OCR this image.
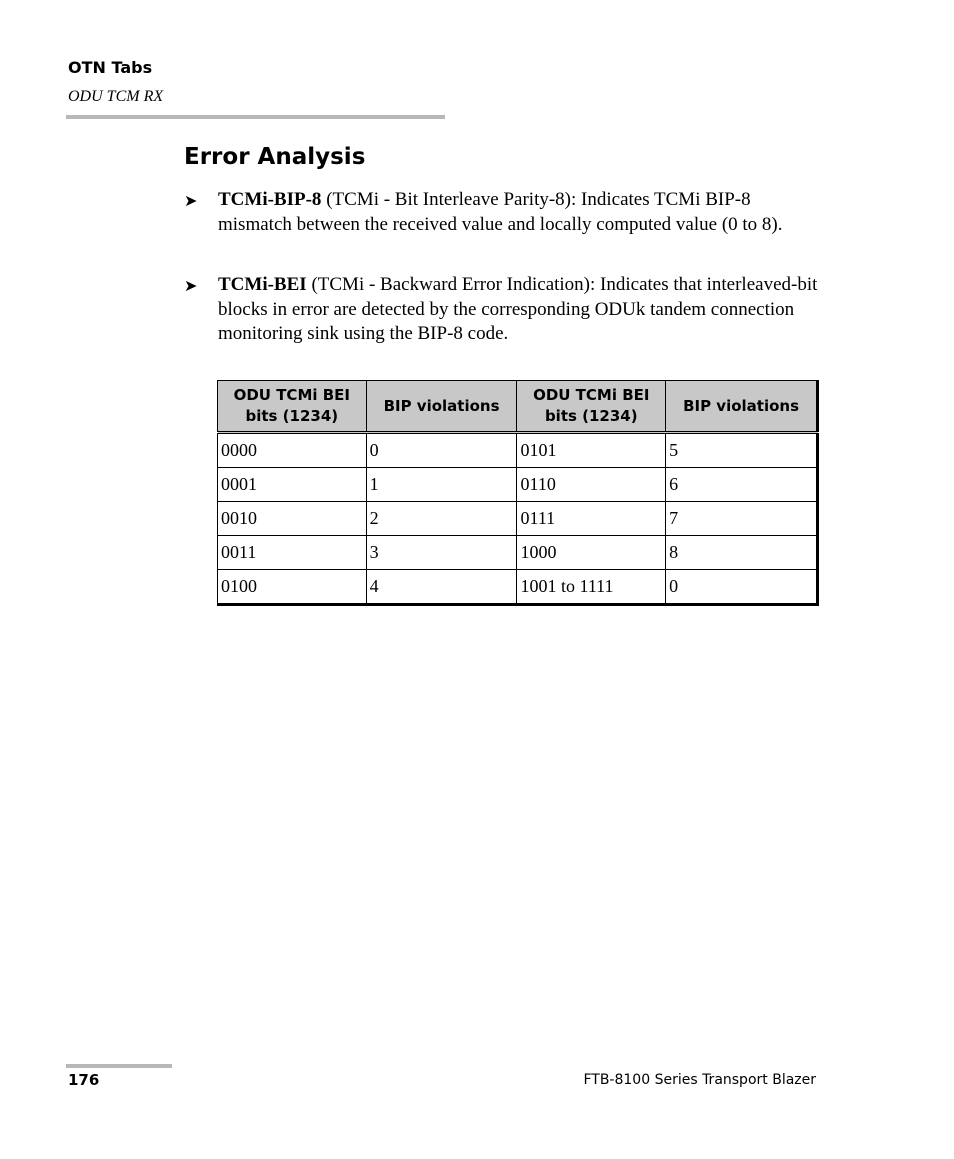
OTN Tabs
ODU TCM RX
Error Analysis
➤ TCMi-BIP-8 (TCMi - Bit Interleave Parity-8): Indicates TCMi BIP-8 mismatch between the received value and locally computed value (0 to 8).
➤ TCMi-BEI (TCMi - Backward Error Indication): Indicates that interleaved-bit blocks in error are detected by the corresponding ODUk tandem connection monitoring sink using the BIP-8 code.
ODU TCMi BEI bits (1234)	BIP violations	ODU TCMi BEI bits (1234)	BIP violations
0000	0	0101	5
0001	1	0110	6
0010	2	0111	7
0011	3	1000	8
0100	4	1001 to 1111	0
176	FTB-8100 Series Transport Blazer
